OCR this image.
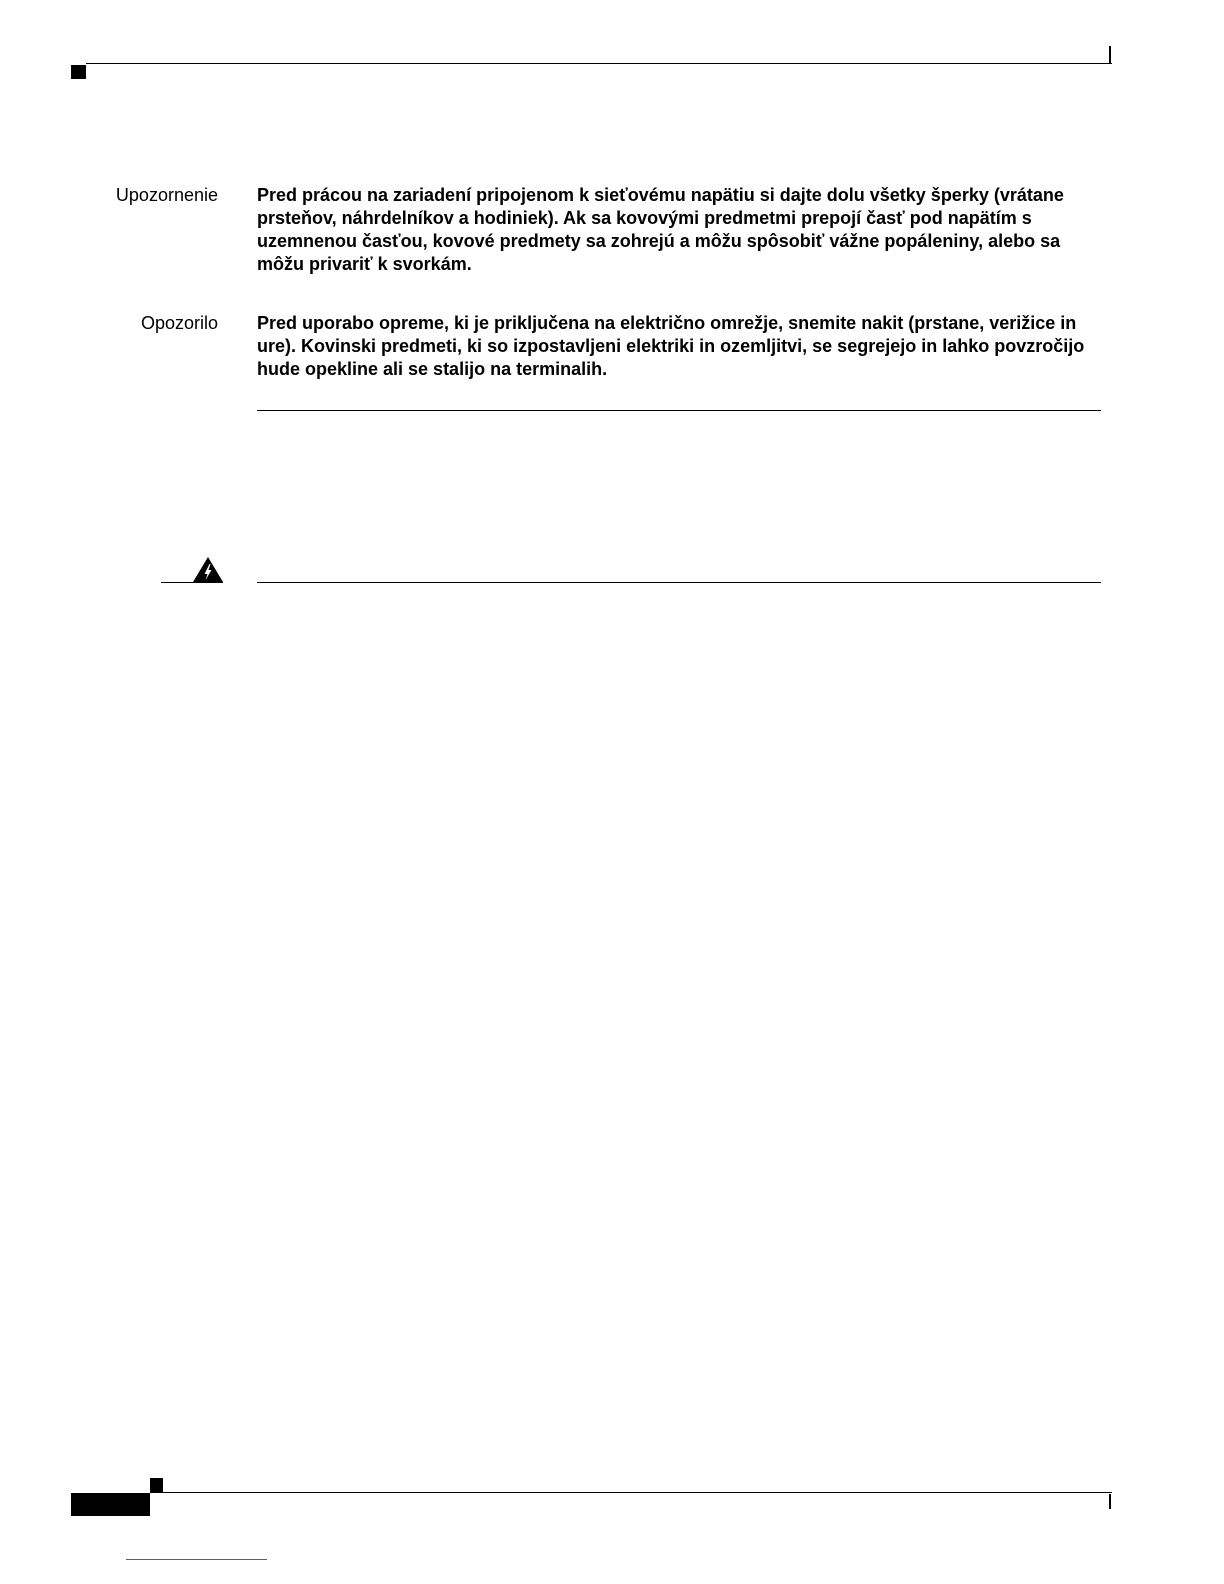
Upozornenie Pred prácou na zariadení pripojenom k sieťovému napätiu si dajte dolu všetky šperky (vrátane prsteňov, náhrdelníkov a hodiniek). Ak sa kovovými predmetmi prepojí časť pod napätím s uzemnenou časťou, kovové predmety sa zohrejú a môžu spôsobiť vážne popáleniny, alebo sa môžu privariť k svorkám.

Opozorilo Pred uporabo opreme, ki je priključena na električno omrežje, snemite nakit (prstane, verižice in ure). Kovinski predmeti, ki so izpostavljeni elektriki in ozemljitvi, se segrejejo in lahko povzročijo hude opekline ali se stalijo na terminalih.
